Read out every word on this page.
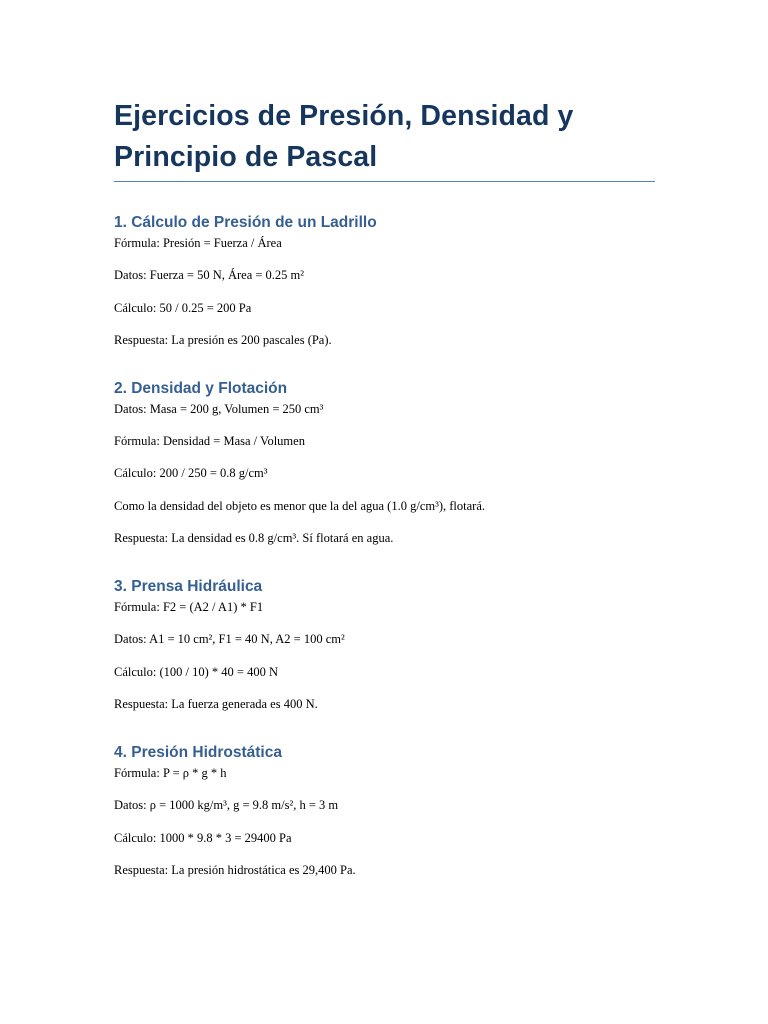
Ejercicios de Presión, Densidad y
Principio de Pascal
1. Cálculo de Presión de un Ladrillo

Fórmula: Presión = Fuerza / Área

Datos: Fuerza = 50 N, Área = 0.25 m²

Cálculo: 50 / 0.25 = 200 Pa

Respuesta: La presión es 200 pascales (Pa).

2. Densidad y Flotación

Datos: Masa = 200 g, Volumen = 250 cm³

Fórmula: Densidad = Masa / Volumen

Cálculo: 200 / 250 = 0.8 g/cm³

Como la densidad del objeto es menor que la del agua (1.0 g/cm³), flotará.

Respuesta: La densidad es 0.8 g/cm³. Sí flotará en agua.

3. Prensa Hidráulica

Fórmula: F2 = (A2 / A1) * F1

Datos: A1 = 10 cm², F1 = 40 N, A2 = 100 cm²

Cálculo: (100 / 10) * 40 = 400 N

Respuesta: La fuerza generada es 400 N.

4. Presión Hidrostática

Fórmula: P = ρ * g * h

Datos: ρ = 1000 kg/m³, g = 9.8 m/s², h = 3 m

Cálculo: 1000 * 9.8 * 3 = 29400 Pa

Respuesta: La presión hidrostática es 29,400 Pa.
